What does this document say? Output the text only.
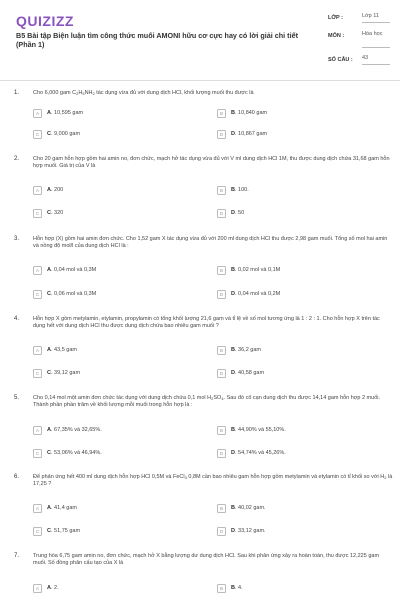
QUIZIZZ
B5 Bài tập Biện luận tìm công thức muối AMONI hữu cơ cực hay có lời giải chi tiết (Phần 1)
LỚP :	Lớp 11
MÔN :	Hóa học
SỐ CÂU : 43
1.	Cho 6,000 gam $C_2H_5NH_2$ tác dụng vừa đủ với dung dịch HCl, khối lượng muối thu được là
A	A. 10,595 gam	B	B. 10,840 gam
C	C. 9,000 gam	D	D. 10,867 gam
2.	Cho 20 gam hỗn hợp gồm hai amin no, đơn chức, mạch hở tác dụng vừa đủ với V ml dung dịch HCl 1M, thu được dung dịch chứa 31,68 gam hỗn hợp muối. Giá trị của V là
A	A. 200	B	B. 100.
C	C. 320	D	D. 50
3.	Hỗn hợp (X) gồm hai amin đơn chức. Cho 1,52 gam X tác dụng vừa đủ với 200 ml dung dịch HCl thu được 2,98 gam muối. Tổng số mol hai amin và nồng độ mol/l của dung dịch HCl là :
A	A. 0,04 mol và 0,3M	B	B. 0,02 mol và 0,1M
C	C. 0,06 mol và 0,3M	D	D. 0,04 mol và 0,2M
4.	Hỗn hợp X gồm metylamin, etylamin, propylamin có tổng khối lượng 21,6 gam và tỉ lệ về số mol tương ứng là 1 : 2 : 1. Cho hỗn hợp X trên tác dụng hết với dung dịch HCl thu được dung dịch chứa bao nhiêu gam muối ?
A	A. 43,5 gam	B	B. 36,2 gam
C	C. 39,12 gam	D	D. 40,58 gam
5.	Cho 0,14 mol một amin đơn chức tác dụng với dung dịch chứa 0,1 mol $H_2SO_4$. Sau đó cô cạn dung dịch thu được 14,14 gam hỗn hợp 2 muối. Thành phần phần trăm về khối lượng mỗi muối trong hỗn hợp là :
A	A. 67,35% và 32,65%.	B	B. 44,90% và 55,10%.
C	C. 53,06% và 46,94%.	D	D. 54,74% và 45,26%.
6.	Để phản ứng hết 400 ml dung dịch hỗn hợp HCl 0,5M và FeCl$_3$ 0,8M cần bao nhiêu gam hỗn hợp gồm metylamin và etylamin có tỉ khối so với $H_2$ là 17,25 ?
A	A. 41,4 gam	B	B. 40,02 gam.
C	C. 51,75 gam	D	D. 33,12 gam.
7.	Trung hòa 6,75 gam amin no, đơn chức, mạch hở X bằng lượng dư dung dịch HCl. Sau khi phản ứng xảy ra hoàn toàn, thu được 12,225 gam muối. Số đồng phân cấu tạo của X là
A	A. 2.	B	B. 4.
